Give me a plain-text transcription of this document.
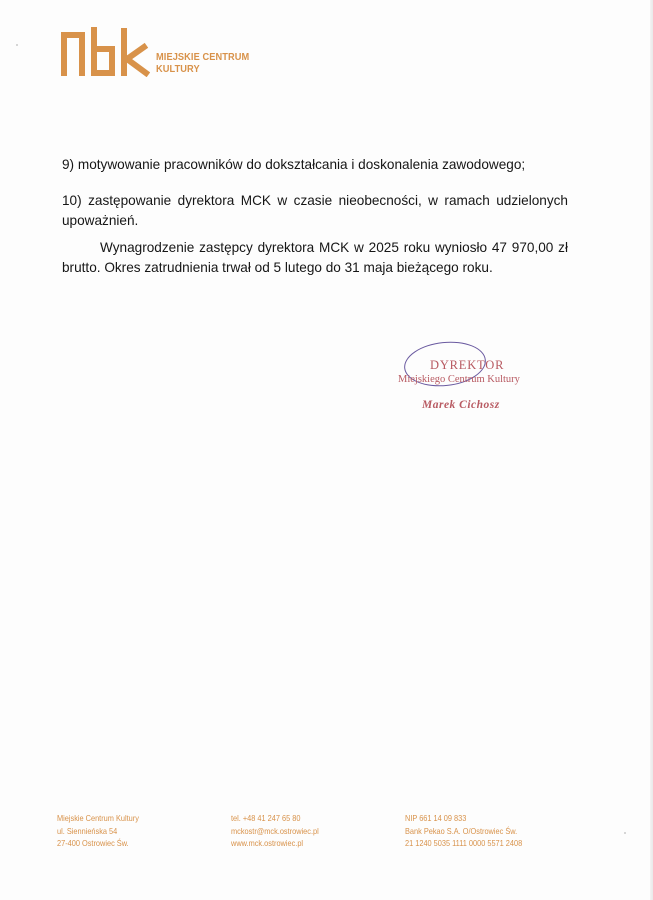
MIEJSKIE CENTRUM
KULTURY
9) motywowanie pracowników do dokształcania i doskonalenia zawodowego;
10) zastępowanie dyrektora MCK w czasie nieobecności, w ramach udzielonych upoważnień.
Wynagrodzenie zastępcy dyrektora MCK w 2025 roku wyniosło 47 970,00 zł brutto. Okres zatrudnienia trwał od 5 lutego do 31 maja bieżącego roku.
DYREKTOR
Miejskiego Centrum Kultury
Marek Cichosz
Miejskie Centrum Kultury
ul. Siennieńska 54
27-400 Ostrowiec Św.
tel. +48 41 247 65 80
mckostr@mck.ostrowiec.pl
www.mck.ostrowiec.pl
NIP 661 14 09 833
Bank Pekao S.A. O/Ostrowiec Św.
21 1240 5035 1111 0000 5571 2408
